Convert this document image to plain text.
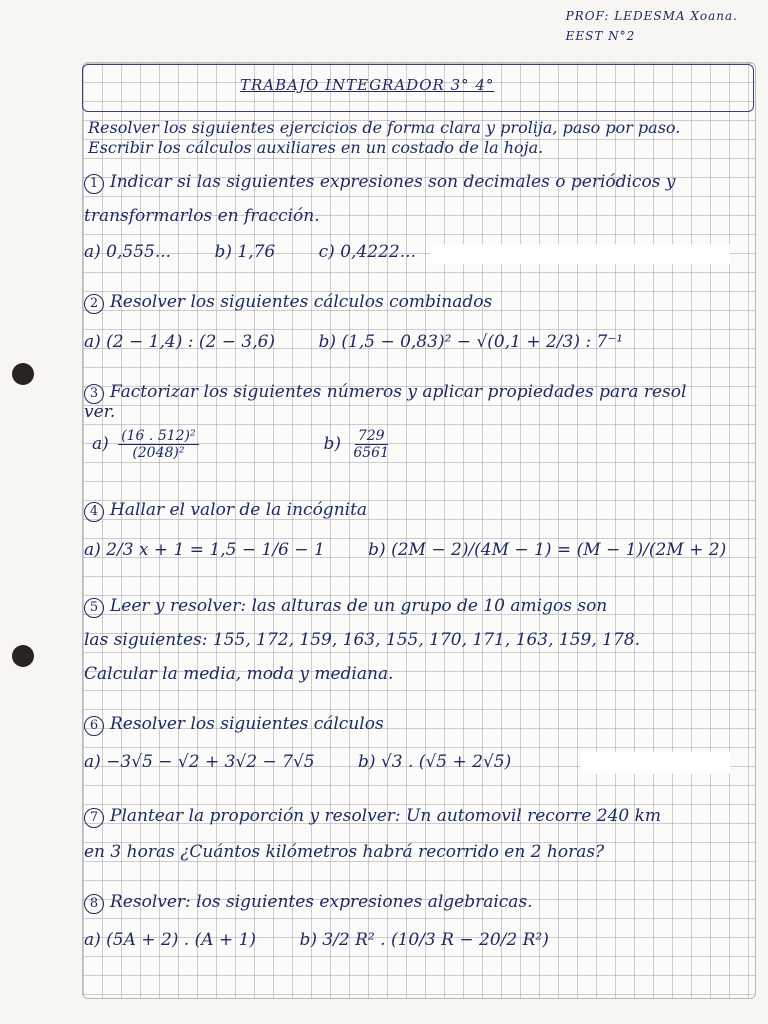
PROF: LEDESMA Xoana.
EEST N°2
TRABAJO INTEGRADOR 3° 4°
Resolver los siguientes ejercicios de forma clara y prolija, paso por paso.
Escribir los cálculos auxiliares en un costado de la hoja.
1 Indicar si las siguientes expresiones son decimales o periódicos y
transformarlos en fracción.
a) 0,555...	b) 1,76	c) 0,4222...
2 Resolver los siguientes cálculos combinados
a) (2 − 1,4) : (2 − 3,6)	b) (1,5 − 0,83)² − √(0,1 + 2/3) : 7⁻¹
3 Factorizar los siguientes números y aplicar propiedades para resol
ver.
$a) \frac{\text{(16 . 512)²}}{\text{(2048)²}}$	$b) \frac{729}{6561}$
4 Hallar el valor de la incógnita
a) 2/3 x + 1 = 1,5 − 1/6 − 1	b) (2M − 2)/(4M − 1) = (M − 1)/(2M + 2)
5 Leer y resolver: las alturas de un grupo de 10 amigos son
las siguientes: 155, 172, 159, 163, 155, 170, 171, 163, 159, 178.
Calcular la media, moda y mediana.
6 Resolver los siguientes cálculos
a) −3√5 − √2 + 3√2 − 7√5	b) √3 . (√5 + 2√5)
7 Plantear la proporción y resolver: Un automovil recorre 240 km
en 3 horas ¿Cuántos kilómetros habrá recorrido en 2 horas?
8 Resolver: los siguientes expresiones algebraicas.
a) (5A + 2) . (A + 1)	b) 3/2 R² . (10/3 R − 20/2 R²)
